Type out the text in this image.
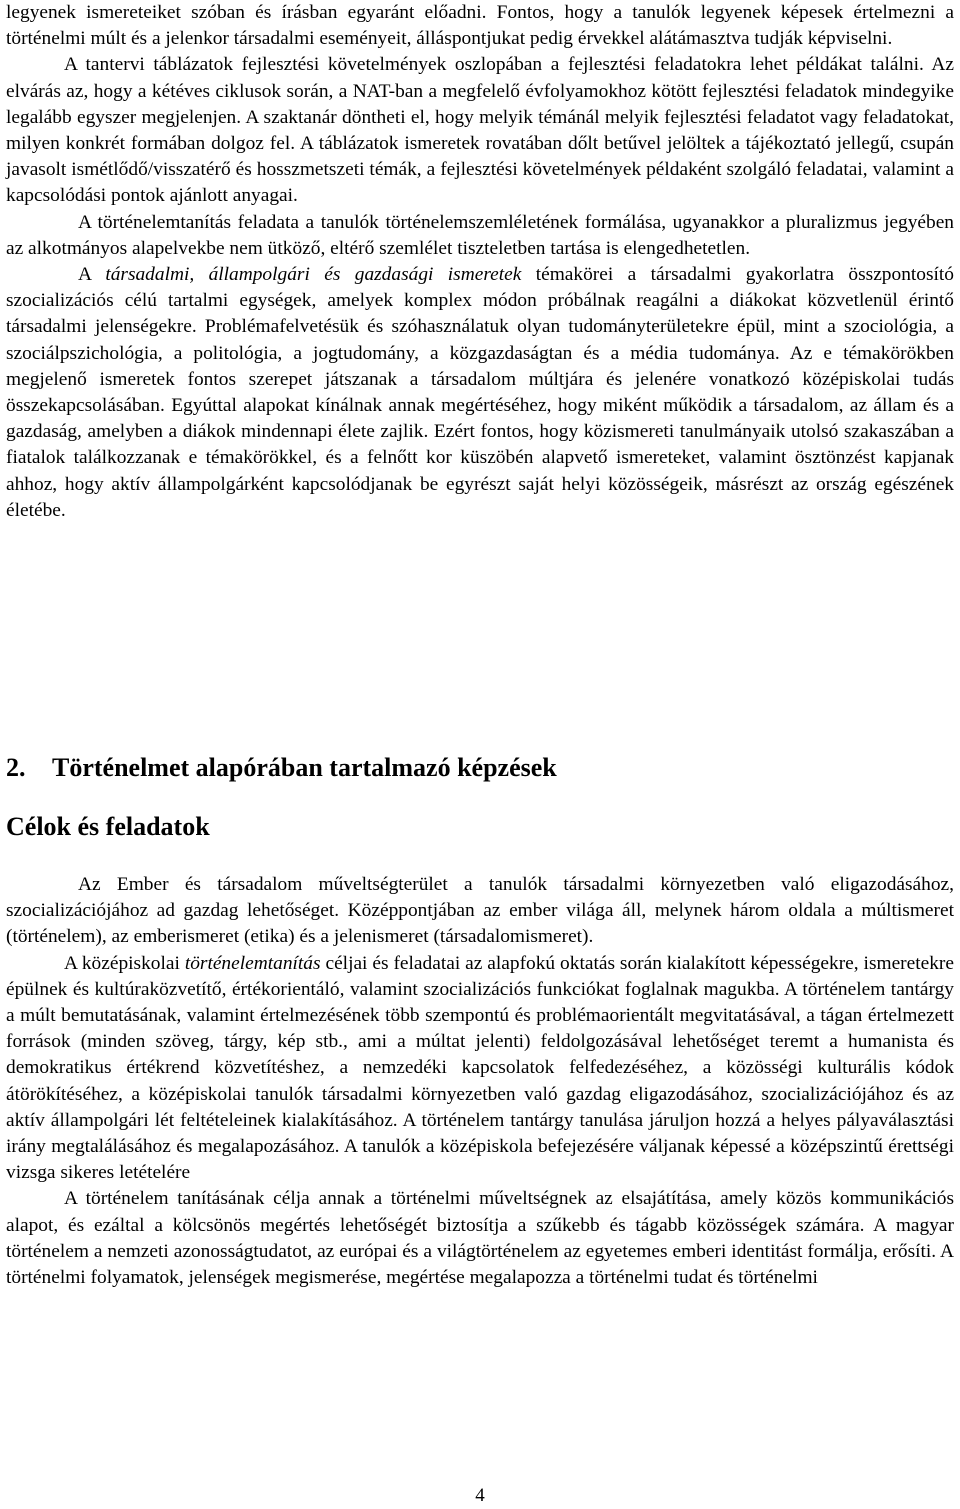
legyenek ismereteiket szóban és írásban egyaránt előadni. Fontos, hogy a tanulók legyenek képesek értelmezni a történelmi múlt és a jelenkor társadalmi eseményeit, álláspontjukat pedig érvekkel alátámasztva tudják képviselni.

A tantervi táblázatok fejlesztési követelmények oszlopában a fejlesztési feladatokra lehet példákat találni. Az elvárás az, hogy a kétéves ciklusok során, a NAT-ban a megfelelő évfolyamokhoz kötött fejlesztési feladatok mindegyike legalább egyszer megjelenjen. A szaktanár döntheti el, hogy melyik témánál melyik fejlesztési feladatot vagy feladatokat, milyen konkrét formában dolgoz fel. A táblázatok ismeretek rovatában dőlt betűvel jelöltek a tájékoztató jellegű, csupán javasolt ismétlődő/visszatérő és hosszmetszeti témák, a fejlesztési követelmények példaként szolgáló feladatai, valamint a kapcsolódási pontok ajánlott anyagai.

A történelemtanítás feladata a tanulók történelemszemléletének formálása, ugyanakkor a pluralizmus jegyében az alkotmányos alapelvekbe nem ütköző, eltérő szemlélet tiszteletben tartása is elengedhetetlen.

A társadalmi, állampolgári és gazdasági ismeretek témakörei a társadalmi gyakorlatra összpontosító szocializációs célú tartalmi egységek, amelyek komplex módon próbálnak reagálni a diákokat közvetlenül érintő társadalmi jelenségekre. Problémafelvetésük és szóhasználatuk olyan tudományterületekre épül, mint a szociológia, a szociálpszichológia, a politológia, a jogtudomány, a közgazdaságtan és a média tudománya. Az e témakörökben megjelenő ismeretek fontos szerepet játszanak a társadalom múltjára és jelenére vonatkozó középiskolai tudás összekapcsolásában. Egyúttal alapokat kínálnak annak megértéséhez, hogy miként működik a társadalom, az állam és a gazdaság, amelyben a diákok mindennapi élete zajlik. Ezért fontos, hogy közismereti tanulmányaik utolsó szakaszában a fiatalok találkozzanak e témakörökkel, és a felnőtt kor küszöbén alapvető ismereteket, valamint ösztönzést kapjanak ahhoz, hogy aktív állampolgárként kapcsolódjanak be egyrészt saját helyi közösségeik, másrészt az ország egészének életébe.

2. Történelmet alapórában tartalmazó képzések
Célok és feladatok

Az Ember és társadalom műveltségterület a tanulók társadalmi környezetben való eligazodásához, szocializációjához ad gazdag lehetőséget. Középpontjában az ember világa áll, melynek három oldala a múltismeret (történelem), az emberismeret (etika) és a jelenismeret (társadalomismeret).

A középiskolai történelemtanítás céljai és feladatai az alapfokú oktatás során kialakított képességekre, ismeretekre épülnek és kultúraközvetítő, értékorientáló, valamint szocializációs funkciókat foglalnak magukba. A történelem tantárgy a múlt bemutatásának, valamint értelmezésének több szempontú és problémaorientált megvitatásával, a tágan értelmezett források (minden szöveg, tárgy, kép stb., ami a múltat jelenti) feldolgozásával lehetőséget teremt a humanista és demokratikus értékrend közvetítéshez, a nemzedéki kapcsolatok felfedezéséhez, a közösségi kulturális kódok átörökítéséhez, a középiskolai tanulók társadalmi környezetben való gazdag eligazodásához, szocializációjához és az aktív állampolgári lét feltételeinek kialakításához. A történelem tantárgy tanulása járuljon hozzá a helyes pályaválasztási irány megtalálásához és megalapozásához. A tanulók a középiskola befejezésére váljanak képessé a középszintű érettségi vizsga sikeres letételére

A történelem tanításának célja annak a történelmi műveltségnek az elsajátítása, amely közös kommunikációs alapot, és ezáltal a kölcsönös megértés lehetőségét biztosítja a szűkebb és tágabb közösségek számára. A magyar történelem a nemzeti azonosságtudatot, az európai és a világtörténelem az egyetemes emberi identitást formálja, erősíti. A történelmi folyamatok, jelenségek megismerése, megértése megalapozza a történelmi tudat és történelmi

4
